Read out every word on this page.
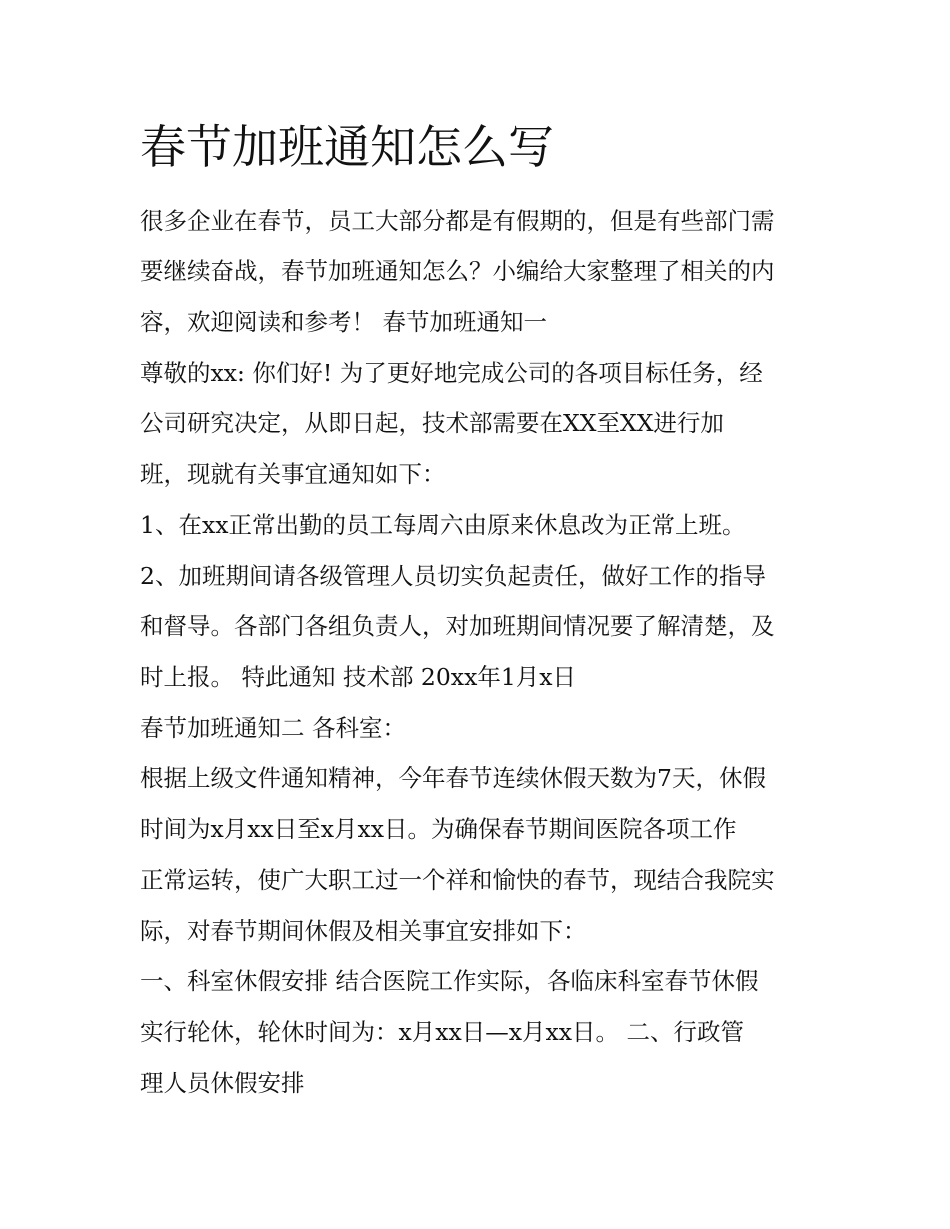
春节加班通知怎么写
很多企业在春节，员工大部分都是有假期的，但是有些部门需
要继续奋战，春节加班通知怎么？小编给大家整理了相关的内
容，欢迎阅读和参考！ 春节加班通知一
尊敬的xx: 你们好! 为了更好地完成公司的各项目标任务，经
公司研究决定，从即日起，技术部需要在XX至XX进行加
班，现就有关事宜通知如下：
1、在xx正常出勤的员工每周六由原来休息改为正常上班。
2、加班期间请各级管理人员切实负起责任，做好工作的指导
和督导。各部门各组负责人，对加班期间情况要了解清楚，及
时上报。 特此通知 技术部 20xx年1月x日
春节加班通知二 各科室：
根据上级文件通知精神，今年春节连续休假天数为7天，休假
时间为x月xx日至x月xx日。为确保春节期间医院各项工作
正常运转，使广大职工过一个祥和愉快的春节，现结合我院实
际，对春节期间休假及相关事宜安排如下：
一、科室休假安排 结合医院工作实际，各临床科室春节休假
实行轮休，轮休时间为：x月xx日—x月xx日。 二、行政管
理人员休假安排
